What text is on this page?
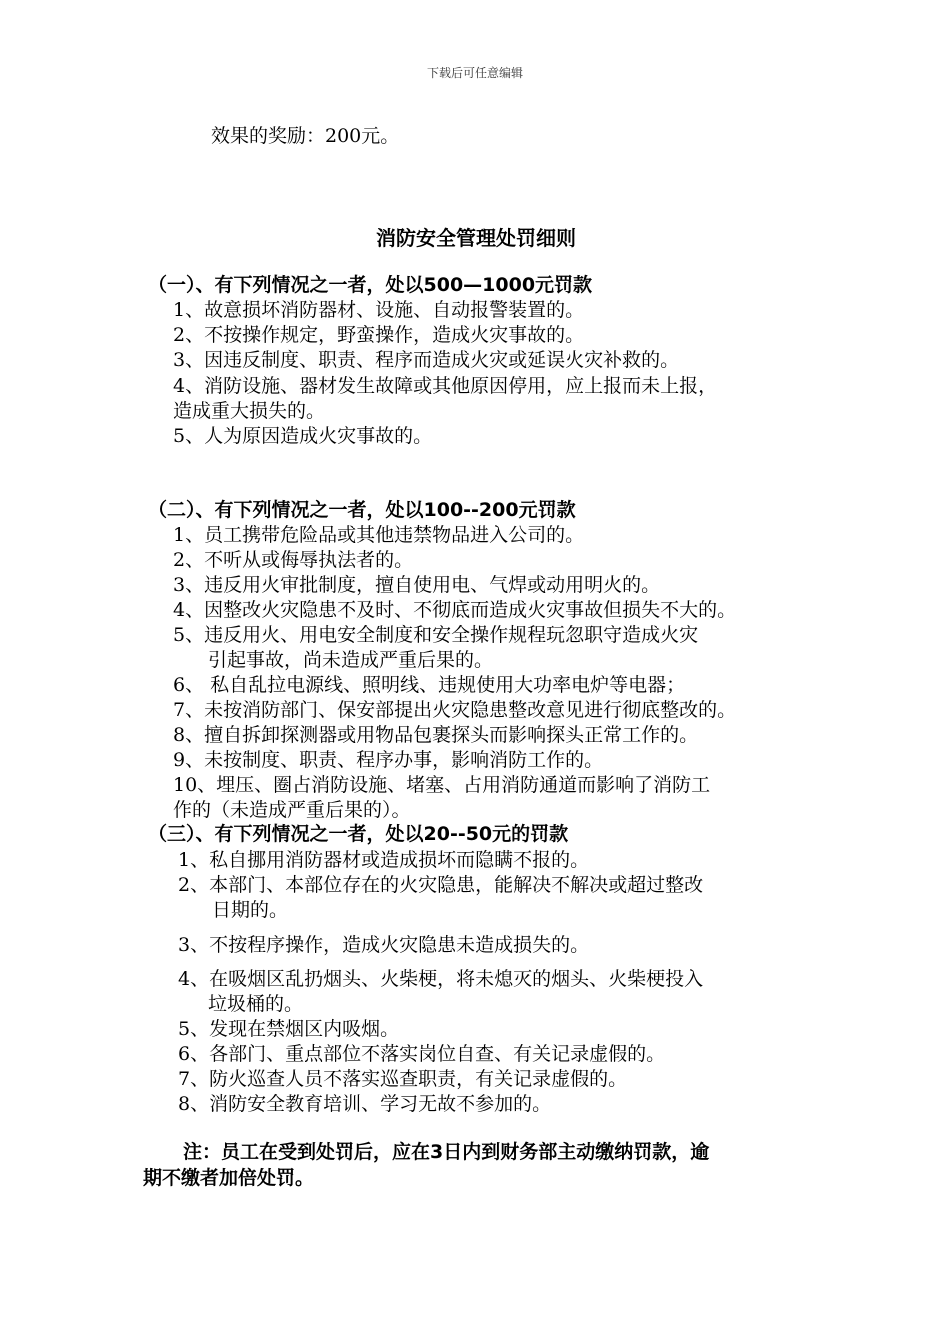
下载后可任意编辑
效果的奖励：200元。
消防安全管理处罚细则
（一）、有下列情况之一者，处以500—1000元罚款
1、故意损坏消防器材、设施、自动报警装置的。
2、不按操作规定，野蛮操作，造成火灾事故的。
3、因违反制度、职责、程序而造成火灾或延误火灾补救的。
4、消防设施、器材发生故障或其他原因停用，应上报而未上报，
造成重大损失的。
5、人为原因造成火灾事故的。
（二）、有下列情况之一者，处以100--200元罚款
1、员工携带危险品或其他违禁物品进入公司的。
2、不听从或侮辱执法者的。
3、违反用火审批制度，擅自使用电、气焊或动用明火的。
4、因整改火灾隐患不及时、不彻底而造成火灾事故但损失不大的。
5、违反用火、用电安全制度和安全操作规程玩忽职守造成火灾
引起事故，尚未造成严重后果的。
6、 私自乱拉电源线、照明线、违规使用大功率电炉等电器；
7、未按消防部门、保安部提出火灾隐患整改意见进行彻底整改的。
8、擅自拆卸探测器或用物品包裹探头而影响探头正常工作的。
9、未按制度、职责、程序办事，影响消防工作的。
10、埋压、圈占消防设施、堵塞、占用消防通道而影响了消防工
作的（未造成严重后果的）。
（三）、有下列情况之一者，处以20--50元的罚款
1、私自挪用消防器材或造成损坏而隐瞒不报的。
2、本部门、本部位存在的火灾隐患，能解决不解决或超过整改
日期的。
3、不按程序操作，造成火灾隐患未造成损失的。
4、在吸烟区乱扔烟头、火柴梗，将未熄灭的烟头、火柴梗投入
垃圾桶的。
5、发现在禁烟区内吸烟。
6、各部门、重点部位不落实岗位自查、有关记录虚假的。
7、防火巡查人员不落实巡查职责，有关记录虚假的。
8、消防安全教育培训、学习无故不参加的。
注：员工在受到处罚后，应在3日内到财务部主动缴纳罚款，逾
期不缴者加倍处罚。
